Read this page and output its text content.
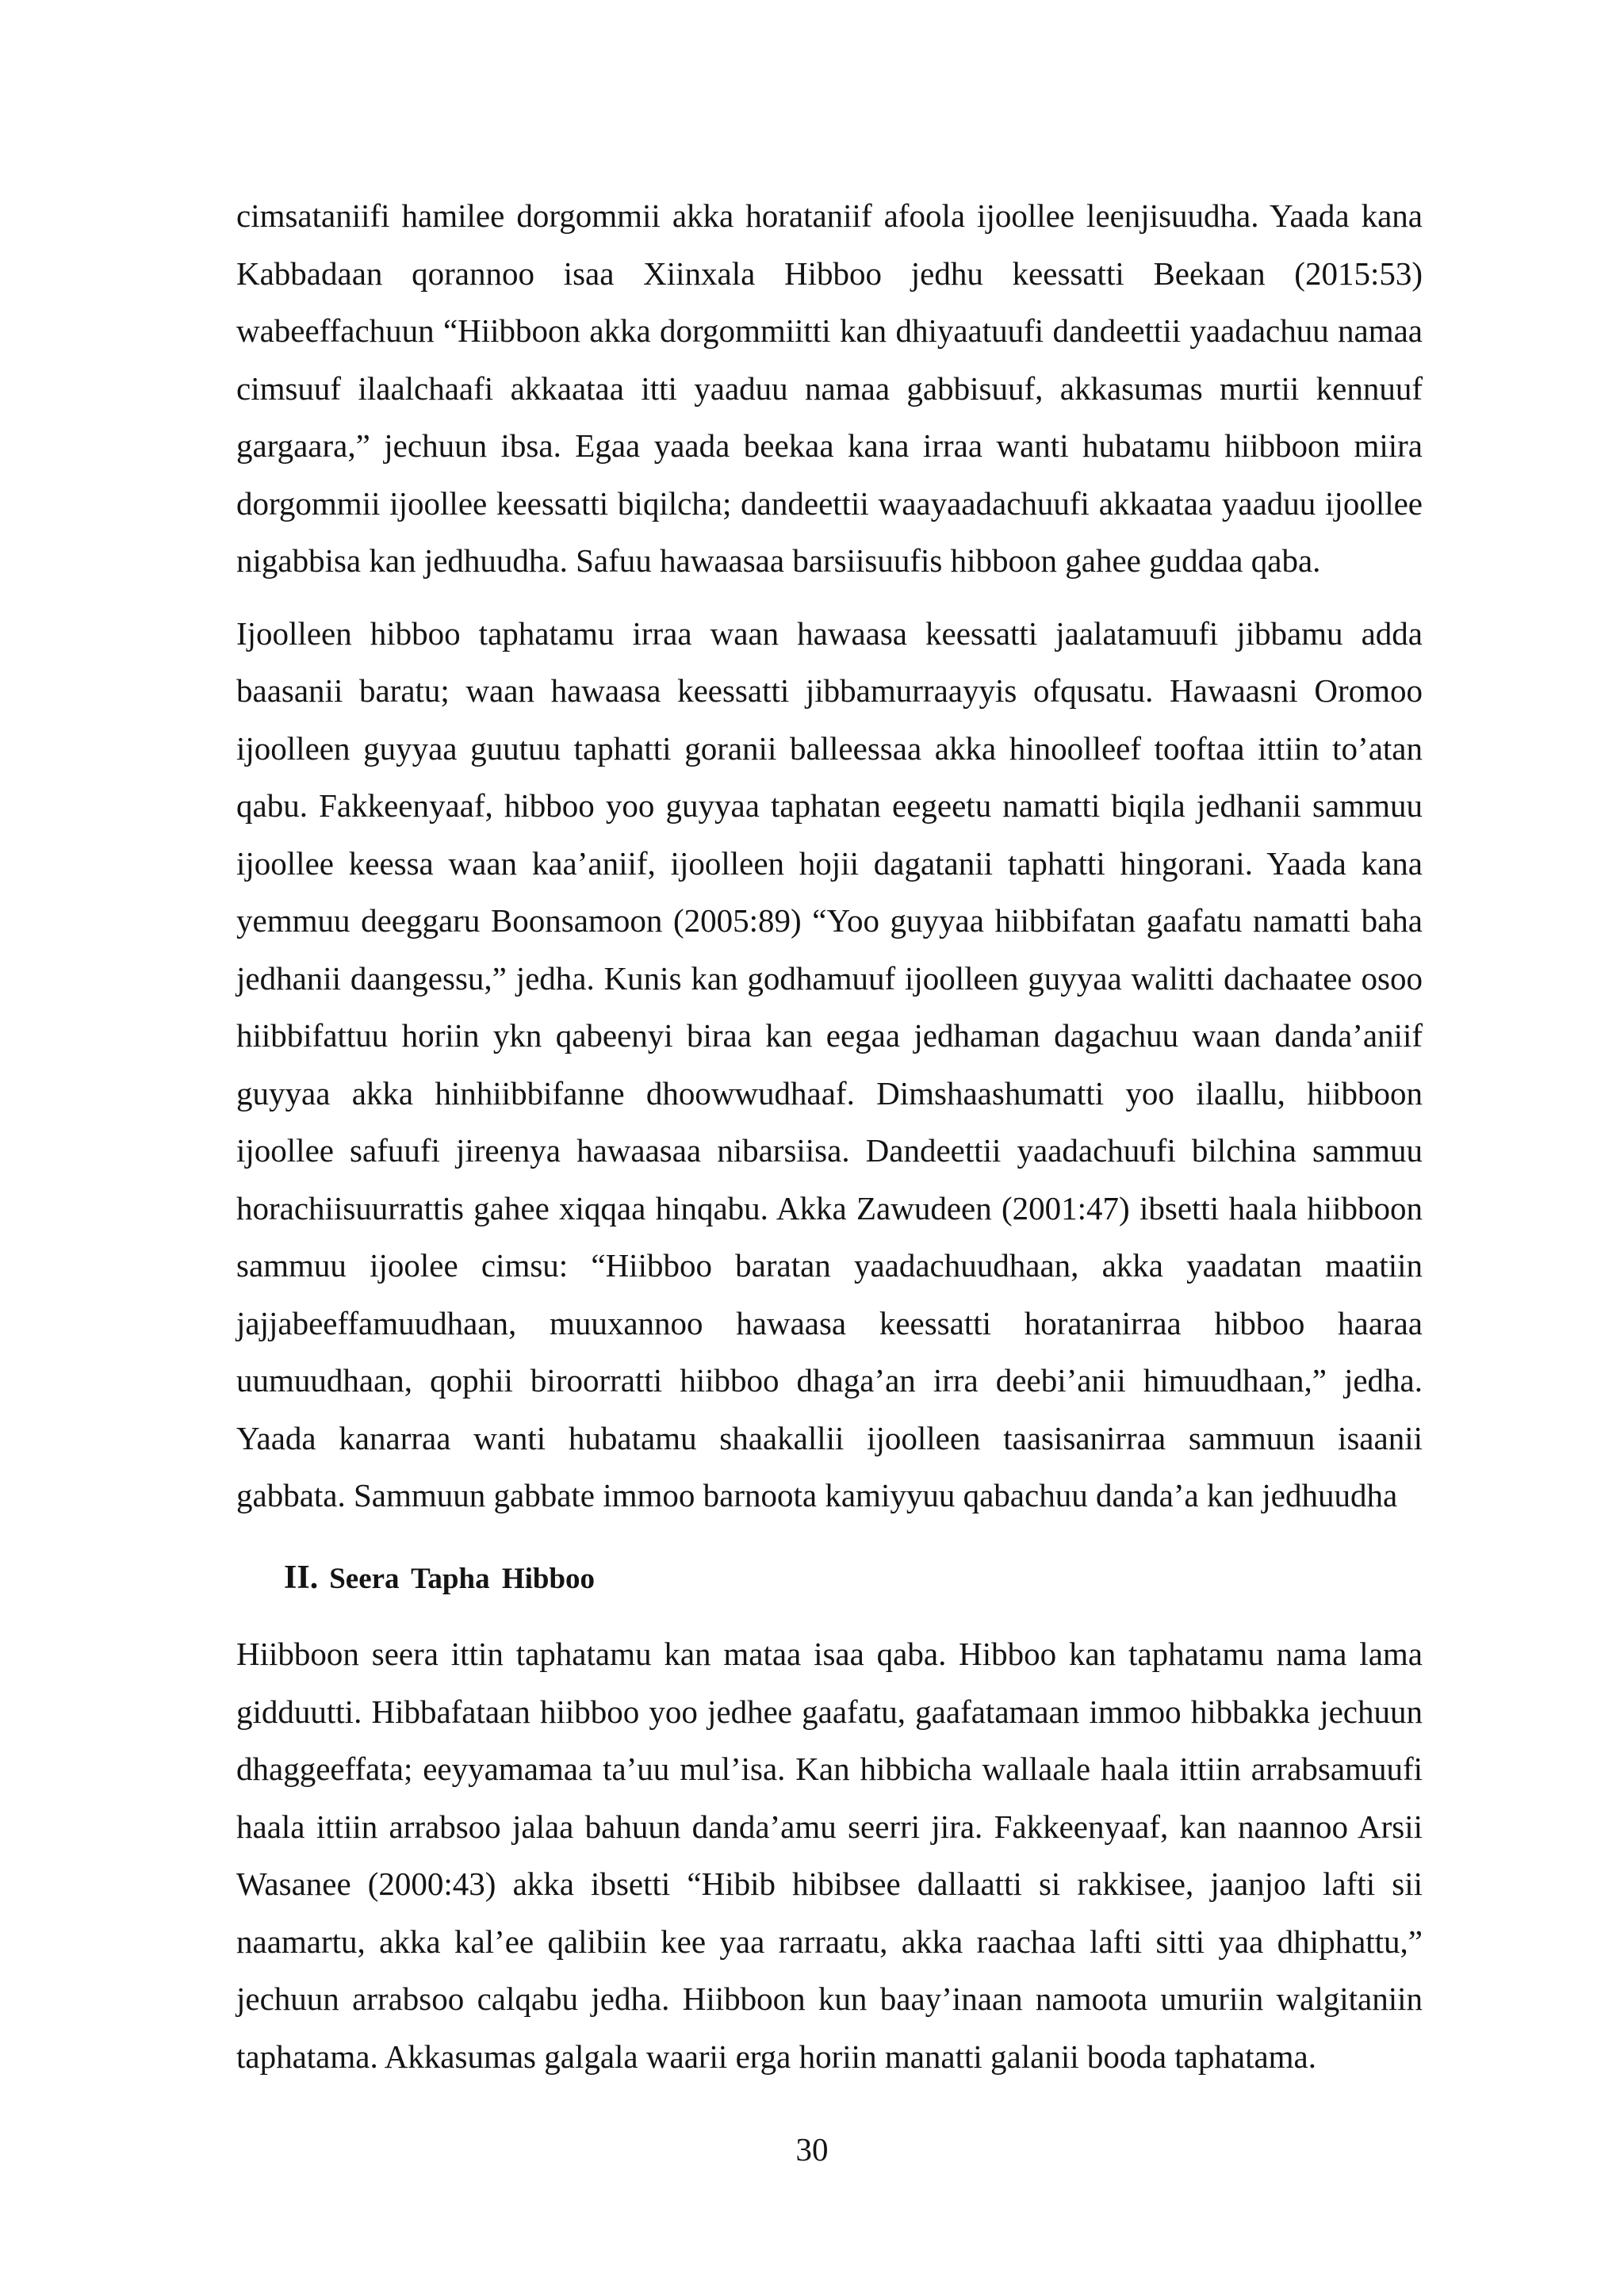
cimsataniifi hamilee dorgommii akka horataniif afoola ijoollee leenjisuudha. Yaada kana Kabbadaan qorannoo isaa Xiinxala Hibboo jedhu keessatti Beekaan (2015:53) wabeeffachuun “Hiibboon akka dorgommiitti kan dhiyaatuufi dandeettii yaadachuu namaa cimsuuf ilaalchaafi akkaataa itti yaaduu namaa gabbisuuf, akkasumas murtii kennuuf gargaara,” jechuun ibsa. Egaa yaada beekaa kana irraa wanti hubatamu hiibboon miira dorgommii ijoollee keessatti biqilcha; dandeettii waayaadachuufi akkaataa yaaduu ijoollee nigabbisa kan jedhuudha. Safuu hawaasaa barsiisuufis hibboon gahee guddaa qaba.

Ijoolleen hibboo taphatamu irraa waan hawaasa keessatti jaalatamuufi jibbamu adda baasanii baratu; waan hawaasa keessatti jibbamurraayyis ofqusatu. Hawaasni Oromoo ijoolleen guyyaa guutuu taphatti goranii balleessaa akka hinoolleef tooftaa ittiin to’atan qabu. Fakkeenyaaf, hibboo yoo guyyaa taphatan eegeetu namatti biqila jedhanii sammuu ijoollee keessa waan kaa’aniif, ijoolleen hojii dagatanii taphatti hingorani. Yaada kana yemmuu deeggaru Boonsamoon (2005:89) “Yoo guyyaa hiibbifatan gaafatu namatti baha jedhanii daangessu,” jedha. Kunis kan godhamuuf ijoolleen guyyaa walitti dachaatee osoo hiibbifattuu horiin ykn qabeenyi biraa kan eegaa jedhaman dagachuu waan danda’aniif guyyaa akka hinhiibbifanne dhoowwudhaaf. Dimshaashumatti yoo ilaallu, hiibboon ijoollee safuufi jireenya hawaasaa nibarsiisa. Dandeettii yaadachuufi bilchina sammuu horachiisuurrattis gahee xiqqaa hinqabu. Akka Zawudeen (2001:47) ibsetti haala hiibboon sammuu ijoolee cimsu: “Hiibboo baratan yaadachuudhaan, akka yaadatan maatiin jajjabeeffamuudhaan, muuxannoo hawaasa keessatti horatanirraa hibboo haaraa uumuudhaan, qophii biroorratti hiibboo dhaga’an irra deebi’anii himuudhaan,” jedha. Yaada kanarraa wanti hubatamu shaakallii ijoolleen taasisanirraa sammuun isaanii gabbata. Sammuun gabbate immoo barnoota kamiyyuu qabachuu danda’a kan jedhuudha

II. Seera Tapha Hibboo

Hiibboon seera ittin taphatamu kan mataa isaa qaba. Hibboo kan taphatamu nama lama gidduutti. Hibbafataan hiibboo yoo jedhee gaafatu, gaafatamaan immoo hibbakka jechuun dhaggeeffata; eeyyamamaa ta’uu mul’isa. Kan hibbicha wallaale haala ittiin arrabsamuufi haala ittiin arrabsoo jalaa bahuun danda’amu seerri jira. Fakkeenyaaf, kan naannoo Arsii Wasanee (2000:43) akka ibsetti “Hibib hibibsee dallaatti si rakkisee, jaanjoo lafti sii naamartu, akka kal’ee qalibiin kee yaa rarraatu, akka raachaa lafti sitti yaa dhiphattu,” jechuun arrabsoo calqabu jedha. Hiibboon kun baay’inaan namoota umuriin walgitaniin taphatama. Akkasumas galgala waarii erga horiin manatti galanii booda taphatama.

30
